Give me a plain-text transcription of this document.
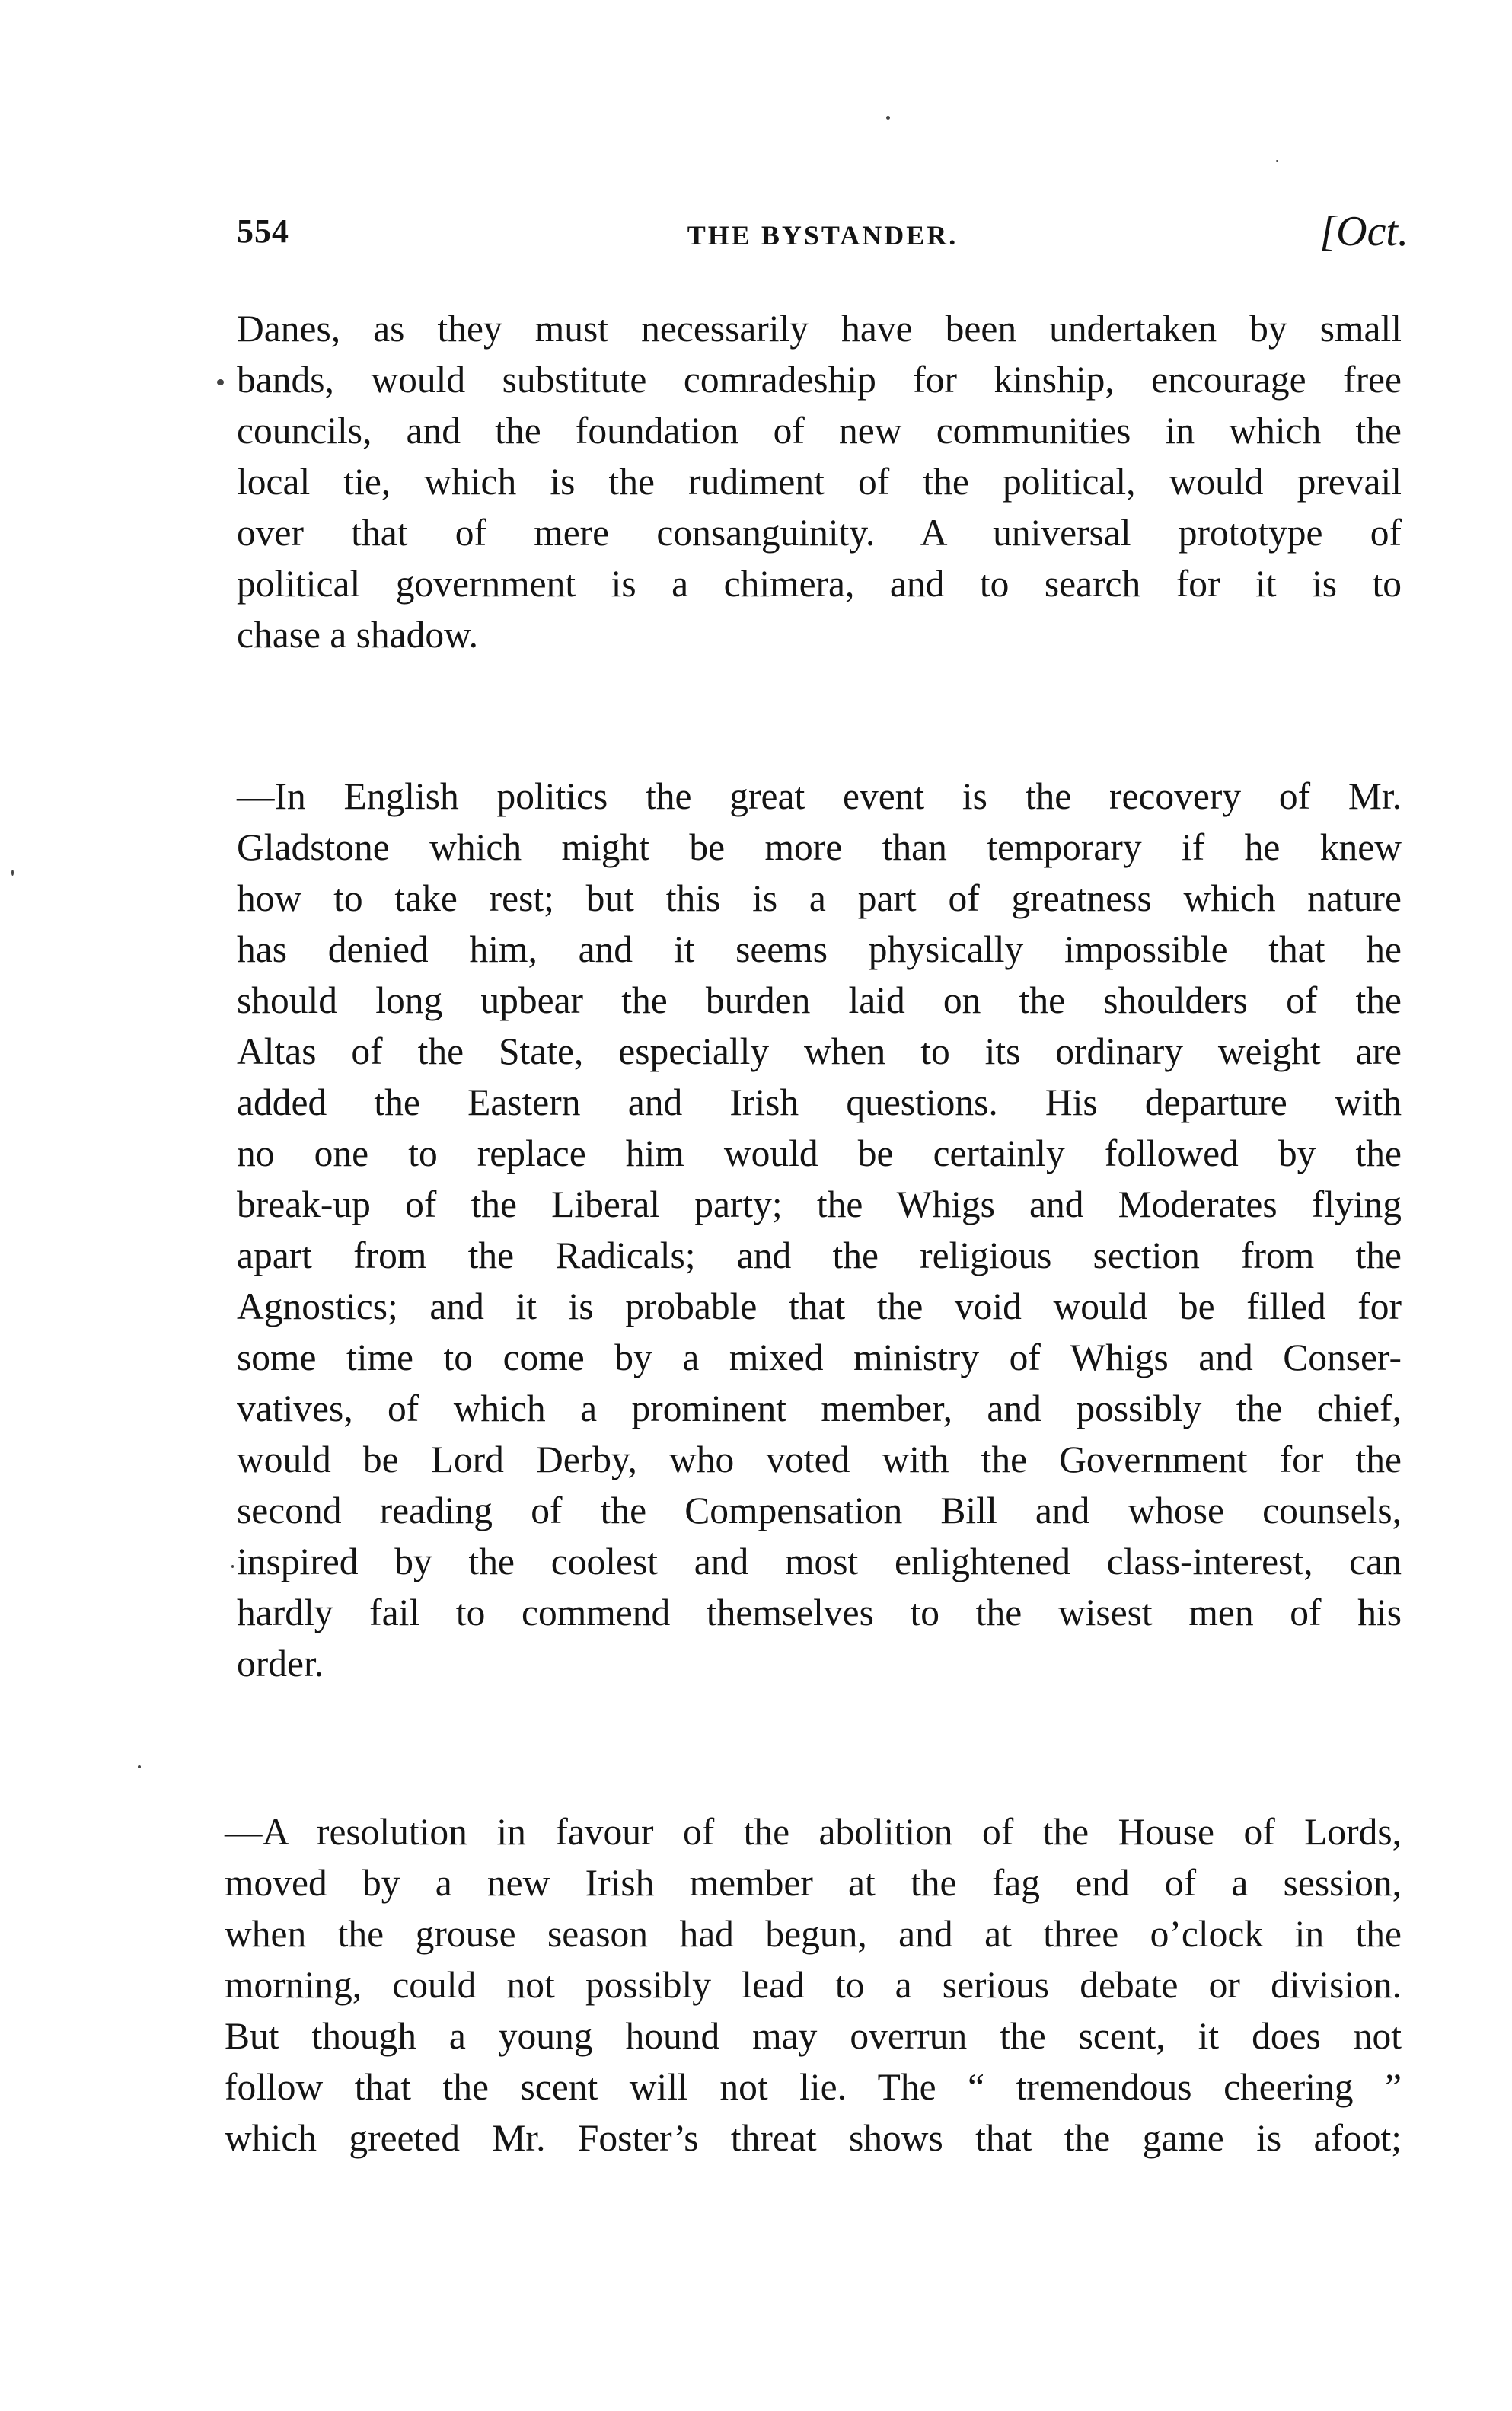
554	THE BYSTANDER.	[Oct.
Danes, as they must necessarily have been undertaken by small
bands, would substitute comradeship for kinship, encourage free
councils, and the foundation of new communities in which the
local tie, which is the rudiment of the political, would prevail
over that of mere consanguinity. A universal prototype of
political government is a chimera, and to search for it is to
chase a shadow.
—In English politics the great event is the recovery of Mr.
Gladstone which might be more than temporary if he knew
how to take rest; but this is a part of greatness which nature
has denied him, and it seems physically impossible that he
should long upbear the burden laid on the shoulders of the
Altas of the State, especially when to its ordinary weight are
added the Eastern and Irish questions. His departure with
no one to replace him would be certainly followed by the
break-up of the Liberal party; the Whigs and Moderates flying
apart from the Radicals; and the religious section from the
Agnostics; and it is probable that the void would be filled for
some time to come by a mixed ministry of Whigs and Conser-
vatives, of which a prominent member, and possibly the chief,
would be Lord Derby, who voted with the Government for the
second reading of the Compensation Bill and whose counsels,
inspired by the coolest and most enlightened class-interest, can
hardly fail to commend themselves to the wisest men of his
order.
—A resolution in favour of the abolition of the House of Lords,
moved by a new Irish member at the fag end of a session,
when the grouse season had begun, and at three o’clock in the
morning, could not possibly lead to a serious debate or division.
But though a young hound may overrun the scent, it does not
follow that the scent will not lie. The “ tremendous cheering ”
which greeted Mr. Foster’s threat shows that the game is afoot;
